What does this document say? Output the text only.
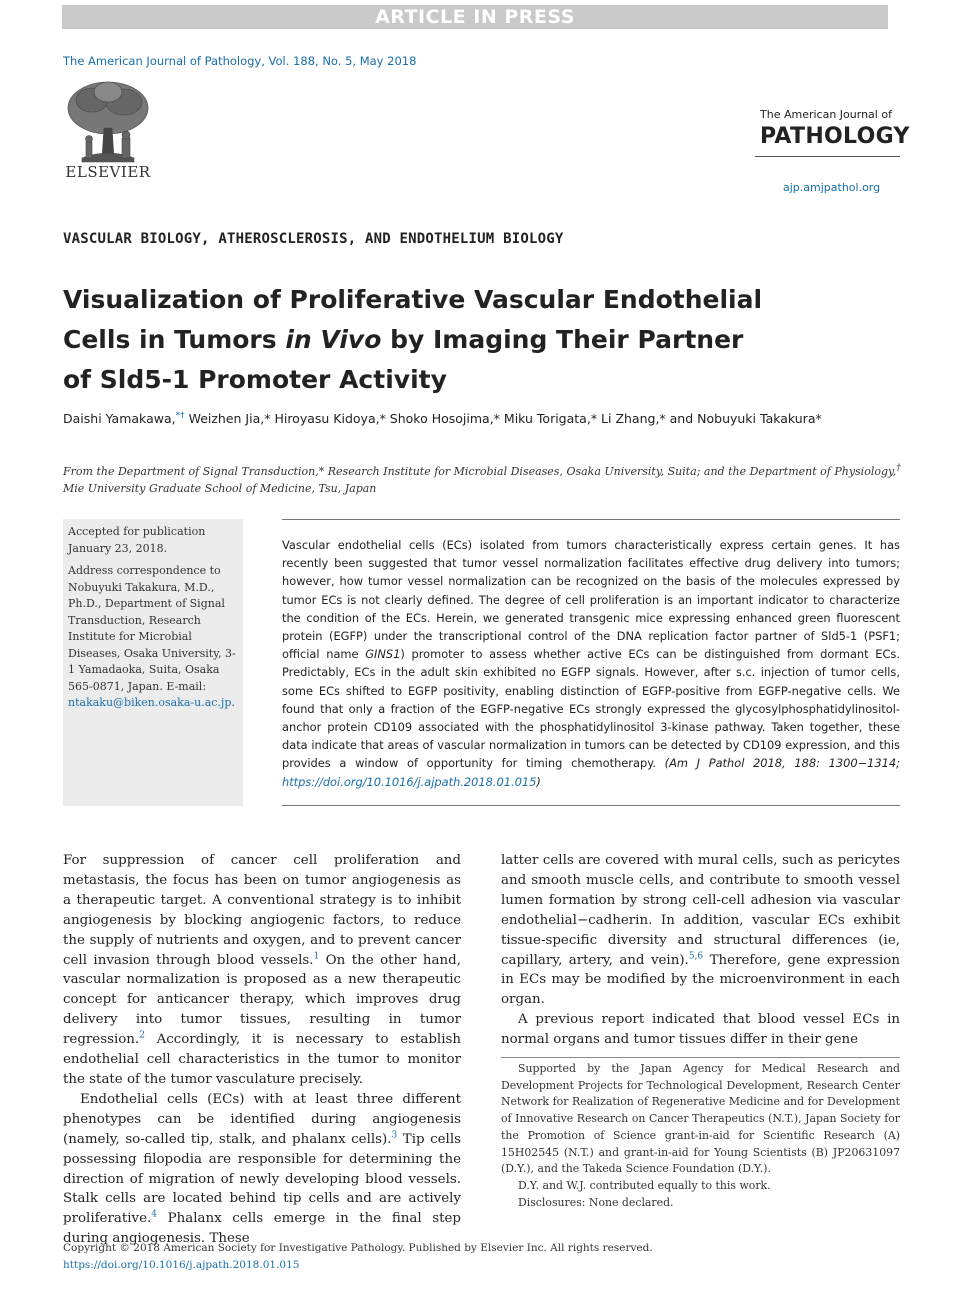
ARTICLE IN PRESS
The American Journal of Pathology, Vol. 188, No. 5, May 2018
ELSEVIER
The American Journal of
PATHOLOGY
ajp.amjpathol.org
VASCULAR BIOLOGY, ATHEROSCLEROSIS, AND ENDOTHELIUM BIOLOGY
Visualization of Proliferative Vascular Endothelial
Cells in Tumors in Vivo by Imaging Their Partner
of Sld5-1 Promoter Activity
Daishi Yamakawa,*† Weizhen Jia,* Hiroyasu Kidoya,* Shoko Hosojima,* Miku Torigata,* Li Zhang,* and Nobuyuki Takakura*
From the Department of Signal Transduction,* Research Institute for Microbial Diseases, Osaka University, Suita; and the Department of Physiology,† Mie University Graduate School of Medicine, Tsu, Japan
Accepted for publication January 23, 2018.
Address correspondence to Nobuyuki Takakura, M.D., Ph.D., Department of Signal Transduction, Research Institute for Microbial Diseases, Osaka University, 3-1 Yamadaoka, Suita, Osaka 565-0871, Japan. E-mail: ntakaku@biken.osaka-u.ac.jp.
Vascular endothelial cells (ECs) isolated from tumors characteristically express certain genes. It has recently been suggested that tumor vessel normalization facilitates effective drug delivery into tumors; however, how tumor vessel normalization can be recognized on the basis of the molecules expressed by tumor ECs is not clearly defined. The degree of cell proliferation is an important indicator to characterize the condition of the ECs. Herein, we generated transgenic mice expressing enhanced green fluorescent protein (EGFP) under the transcriptional control of the DNA replication factor partner of Sld5-1 (PSF1; official name GINS1) promoter to assess whether active ECs can be distinguished from dormant ECs. Predictably, ECs in the adult skin exhibited no EGFP signals. However, after s.c. injection of tumor cells, some ECs shifted to EGFP positivity, enabling distinction of EGFP-positive from EGFP-negative cells. We found that only a fraction of the EGFP-negative ECs strongly expressed the glycosylphosphatidylinositol-anchor protein CD109 associated with the phosphatidylinositol 3-kinase pathway. Taken together, these data indicate that areas of vascular normalization in tumors can be detected by CD109 expression, and this provides a window of opportunity for timing chemotherapy. (Am J Pathol 2018, 188: 1300−1314; https://doi.org/10.1016/j.ajpath.2018.01.015)
For suppression of cancer cell proliferation and metastasis, the focus has been on tumor angiogenesis as a therapeutic target. A conventional strategy is to inhibit angiogenesis by blocking angiogenic factors, to reduce the supply of nutrients and oxygen, and to prevent cancer cell invasion through blood vessels.$^1$ On the other hand, vascular normalization is proposed as a new therapeutic concept for anticancer therapy, which improves drug delivery into tumor tissues, resulting in tumor regression.$^2$ Accordingly, it is necessary to establish endothelial cell characteristics in the tumor to monitor the state of the tumor vasculature precisely.
Endothelial cells (ECs) with at least three different phenotypes can be identified during angiogenesis (namely, so-called tip, stalk, and phalanx cells).$^3$ Tip cells possessing filopodia are responsible for determining the direction of migration of newly developing blood vessels. Stalk cells are located behind tip cells and are actively proliferative.$^4$ Phalanx cells emerge in the final step during angiogenesis. These
latter cells are covered with mural cells, such as pericytes and smooth muscle cells, and contribute to smooth vessel lumen formation by strong cell-cell adhesion via vascular endothelial−cadherin. In addition, vascular ECs exhibit tissue-specific diversity and structural differences (ie, capillary, artery, and vein).$^{5,6}$ Therefore, gene expression in ECs may be modified by the microenvironment in each organ.
A previous report indicated that blood vessel ECs in normal organs and tumor tissues differ in their gene
Supported by the Japan Agency for Medical Research and Development Projects for Technological Development, Research Center Network for Realization of Regenerative Medicine and for Development of Innovative Research on Cancer Therapeutics (N.T.), Japan Society for the Promotion of Science grant-in-aid for Scientific Research (A) 15H02545 (N.T.) and grant-in-aid for Young Scientists (B) JP20631097 (D.Y.), and the Takeda Science Foundation (D.Y.).
D.Y. and W.J. contributed equally to this work.
Disclosures: None declared.
Copyright © 2018 American Society for Investigative Pathology. Published by Elsevier Inc. All rights reserved.
https://doi.org/10.1016/j.ajpath.2018.01.015
